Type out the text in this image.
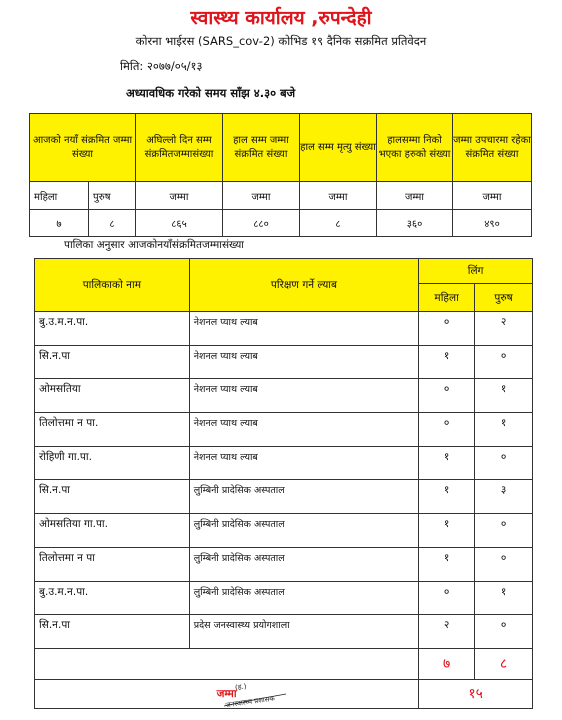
स्वास्थ्य कार्यालय ,रुपन्देही
कोरना भाईरस (SARS_cov-2) कोभिड १९ दैनिक सक्रमित प्रतिवेदन
मिति: २०७७/०५/१३
अध्यावधिक गरेको समय साँझ ४.३० बजे
आजको नयाँ संक्रमित जम्मा संख्या		अघिल्लो दिन सम्म संक्रमितजम्मासंख्या	हाल सम्म जम्मा संक्रमित संख्या	हाल सम्म मृत्यु संख्या	हालसम्मा निको भएका हरुको संख्या	जम्मा उपचारमा रहेका संक्रमित संख्या
महिला	पुरुष	जम्मा	जम्मा	जम्मा	जम्मा	जम्मा
७	८	८६५	८८०	८	३६०	४९०
पालिका अनुसार आजकोनयाँसंक्रमितजम्मासंख्या
पालिकाको नाम	परिक्षण गर्ने ल्याब	लिंग	
		महिला	पुरुष
बु.उ.म.न.पा.	नेशनल प्याथ ल्याब	०	२
सि.न.पा	नेशनल प्याथ ल्याब	१	०
ओमसतिया	नेशनल प्याथ ल्याब	०	१
तिलोत्तमा न पा.	नेशनल प्याथ ल्याब	०	१
रोहिणी गा.पा.	नेशनल प्याथ ल्याब	१	०
सि.न.पा	लुम्बिनी प्रादेसिक अस्पताल	१	३
ओमसतिया गा.पा.	लुम्बिनी प्रादेसिक अस्पताल	१	०
तिलोत्तमा न पा	लुम्बिनी प्रादेसिक अस्पताल	१	०
बु.उ.म.न.पा.	लुम्बिनी प्रादेसिक अस्पताल	०	१
सि.न.पा	प्रदेस जनस्वास्थ्य प्रयोगशाला	२	०
		७	८
जम्मा		१५	
(ह.)
जनस्वास्थ्य प्रशासक
